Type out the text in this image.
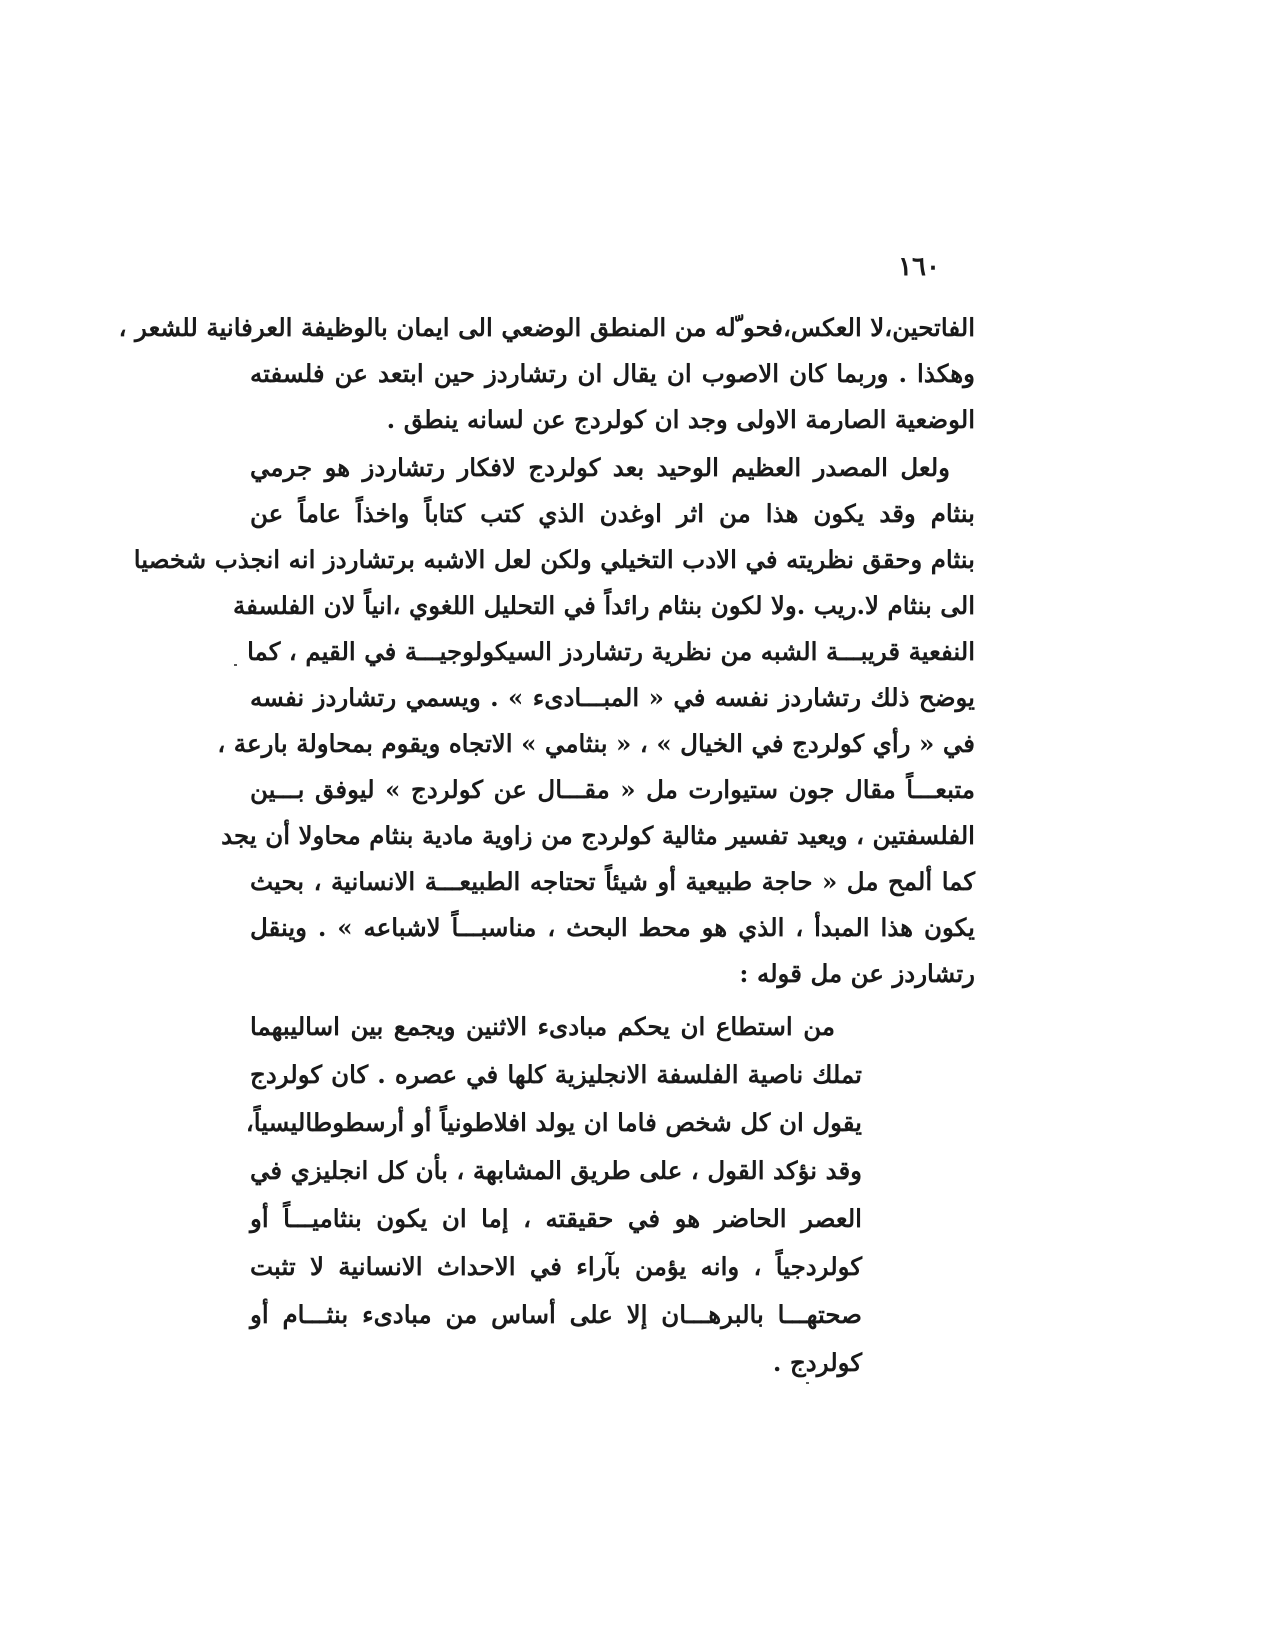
١٦٠
الفاتحين،لا العكس،فحو ّله من المنطق الوضعي الى ايمان بالوظيفة العرفانية للشعر ،
وهكذا . وربما كان الاصوب ان يقال ان رتشاردز حين ابتعد عن فلسفته
الوضعية الصارمة الاولى وجد ان كولردج عن لسانه ينطق .
ولعل المصدر العظيم الوحيد بعد كولردج لافكار رتشاردز هو جرمي
بنثام وقد يكون هذا من اثر اوغدن الذي كتب كتاباً واخذاً عاماً عن
بنثام وحقق نظريته في الادب التخيلي ولكن لعل الاشبه برتشاردز انه انجذب شخصيا
الى بنثام لا.ريب .ولا لكون بنثام رائداً في التحليل اللغوي ،انياً لان الفلسفة
النفعية قريبـــة الشبه من نظرية رتشاردز السيكولوجيـــة في القيم ، كما
يوضح ذلك رتشاردز نفسه في « المبـــادىء » . ويسمي رتشاردز نفسه
في « رأي كولردج في الخيال » ، « بنثامي » الاتجاه ويقوم بمحاولة بارعة ،
متبعـــاً مقال جون ستيوارت مل « مقـــال عن كولردج » ليوفق بـــين
الفلسفتين ، ويعيد تفسير مثالية كولردج من زاوية مادية بنثام محاولا أن يجد
كما ألمح مل « حاجة طبيعية أو شيئاً تحتاجه الطبيعـــة الانسانية ، بحيث
يكون هذا المبدأ ، الذي هو محط البحث ، مناسبـــاً لاشباعه » . وينقل
رتشاردز عن مل قوله :
من استطاع ان يحكم مبادىء الاثنين ويجمع بين اساليبهما
تملك ناصية الفلسفة الانجليزية كلها في عصره . كان كولردج
يقول ان كل شخص فاما ان يولد افلاطونياً أو أرسطوطاليسياً،
وقد نؤكد القول ، على طريق المشابهة ، بأن كل انجليزي في
العصر الحاضر هو في حقيقته ، إما ان يكون بنثاميـــاً أو
كولردجياً ، وانه يؤمن بآراء في الاحداث الانسانية لا تثبت
صحتهـــا بالبرهـــان إلا على أساس من مبادىء بنثـــام أو
كولردج .
